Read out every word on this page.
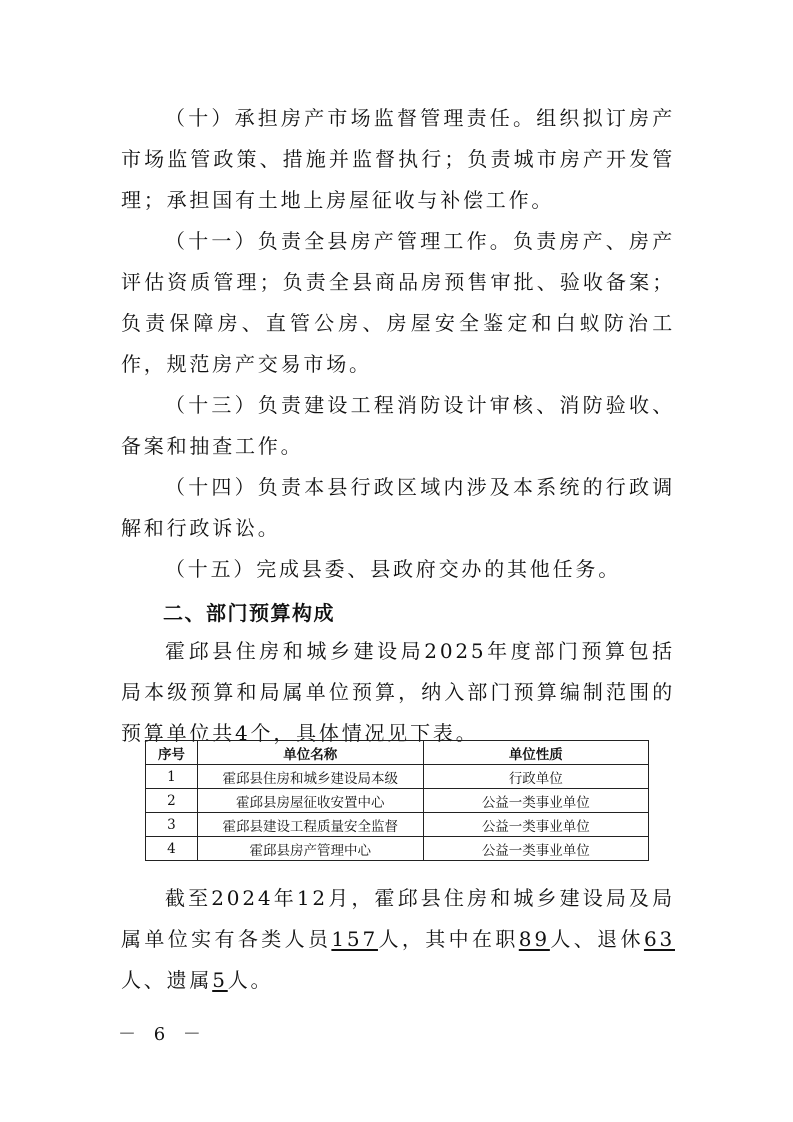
（十）承担房产市场监督管理责任。组织拟订房产市场监管政策、措施并监督执行；负责城市房产开发管理；承担国有土地上房屋征收与补偿工作。

（十一）负责全县房产管理工作。负责房产、房产评估资质管理；负责全县商品房预售审批、验收备案；负责保障房、直管公房、房屋安全鉴定和白蚁防治工作，规范房产交易市场。

（十三）负责建设工程消防设计审核、消防验收、备案和抽查工作。

（十四）负责本县行政区域内涉及本系统的行政调解和行政诉讼。

（十五）完成县委、县政府交办的其他任务。

二、部门预算构成

霍邱县住房和城乡建设局2025年度部门预算包括局本级预算和局属单位预算，纳入部门预算编制范围的预算单位共4个，具体情况见下表。

序号	单位名称	单位性质
1	霍邱县住房和城乡建设局本级	行政单位
2	霍邱县房屋征收安置中心	公益一类事业单位
3	霍邱县建设工程质量安全监督	公益一类事业单位
4	霍邱县房产管理中心	公益一类事业单位

截至2024年12月，霍邱县住房和城乡建设局及局属单位实有各类人员157人，其中在职89人、退休63人、遗属5人。

－ 6 －
